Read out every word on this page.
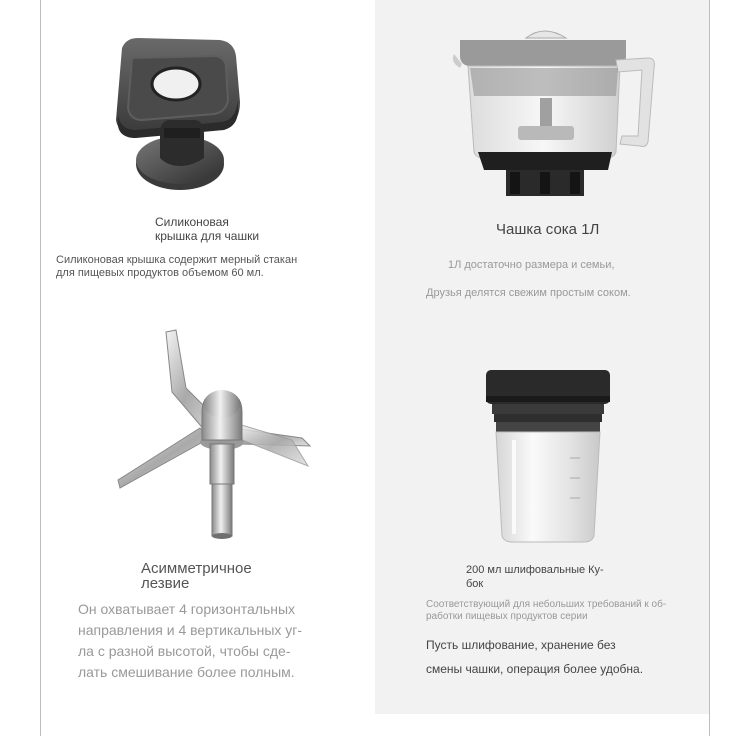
Силиконовая
крышка для чашки
Силиконовая крышка содержит мерный стакан
для пищевых продуктов объемом 60 мл.
Чашка сока 1Л
1Л достаточно размера и семьи,
Друзья делятся свежим простым соком.
Асимметричное
лезвие
Он охватывает 4 горизонтальных
направления и 4 вертикальных уг-
ла с разной высотой, чтобы сде-
лать смешивание более полным.
200 мл шлифовальные Ку-
бок
Соответствующий для небольших требований к об-
работки пищевых продуктов серии
Пусть шлифование, хранение без
смены чашки, операция более удобна.
